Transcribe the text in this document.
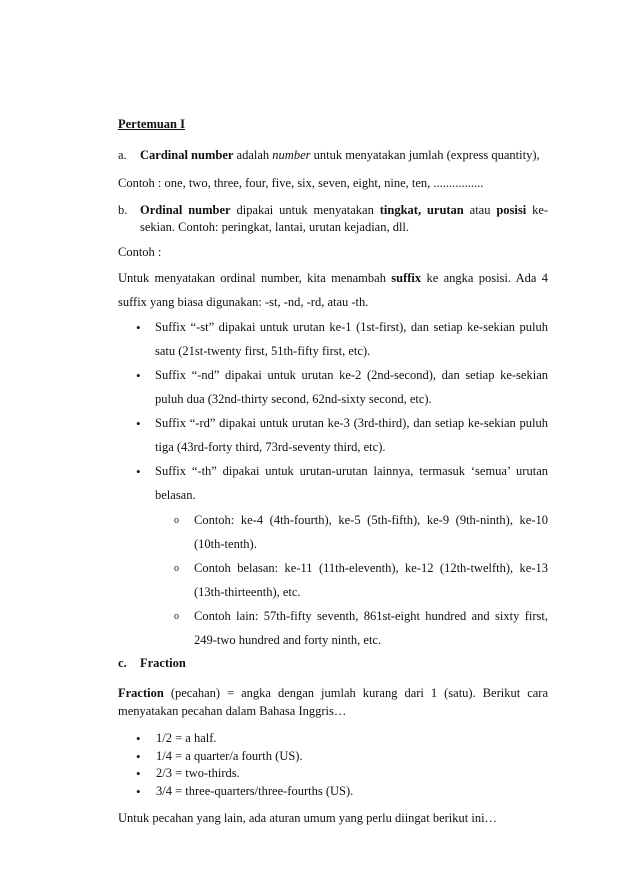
Pertemuan I
a. Cardinal number adalah number untuk menyatakan jumlah (express quantity),
Contoh : one, two, three, four, five, six, seven, eight, nine, ten, ................
b. Ordinal number dipakai untuk menyatakan tingkat, urutan atau posisi ke-
sekian. Contoh: peringkat, lantai, urutan kejadian, dll.
Contoh :
Untuk menyatakan ordinal number, kita menambah suffix ke angka posisi. Ada 4
suffix yang biasa digunakan: -st, -nd, -rd, atau -th.
• Suffix “-st” dipakai untuk urutan ke-1 (1st-first), dan setiap ke-sekian puluh
satu (21st-twenty first, 51th-fifty first, etc).
• Suffix “-nd” dipakai untuk urutan ke-2 (2nd-second), dan setiap ke-sekian
puluh dua (32nd-thirty second, 62nd-sixty second, etc).
• Suffix “-rd” dipakai untuk urutan ke-3 (3rd-third), dan setiap ke-sekian puluh
tiga (43rd-forty third, 73rd-seventy third, etc).
• Suffix “-th” dipakai untuk urutan-urutan lainnya, termasuk ‘semua’ urutan
belasan.
o Contoh: ke-4 (4th-fourth), ke-5 (5th-fifth), ke-9 (9th-ninth), ke-10
(10th-tenth).
o Contoh belasan: ke-11 (11th-eleventh), ke-12 (12th-twelfth), ke-13
(13th-thirteenth), etc.
o Contoh lain: 57th-fifty seventh, 861st-eight hundred and sixty first,
249-two hundred and forty ninth, etc.
c. Fraction
Fraction (pecahan) = angka dengan jumlah kurang dari 1 (satu). Berikut cara
menyatakan pecahan dalam Bahasa Inggris…
• 1/2 = a half.
• 1/4 = a quarter/a fourth (US).
• 2/3 = two-thirds.
• 3/4 = three-quarters/three-fourths (US).
Untuk pecahan yang lain, ada aturan umum yang perlu diingat berikut ini…
